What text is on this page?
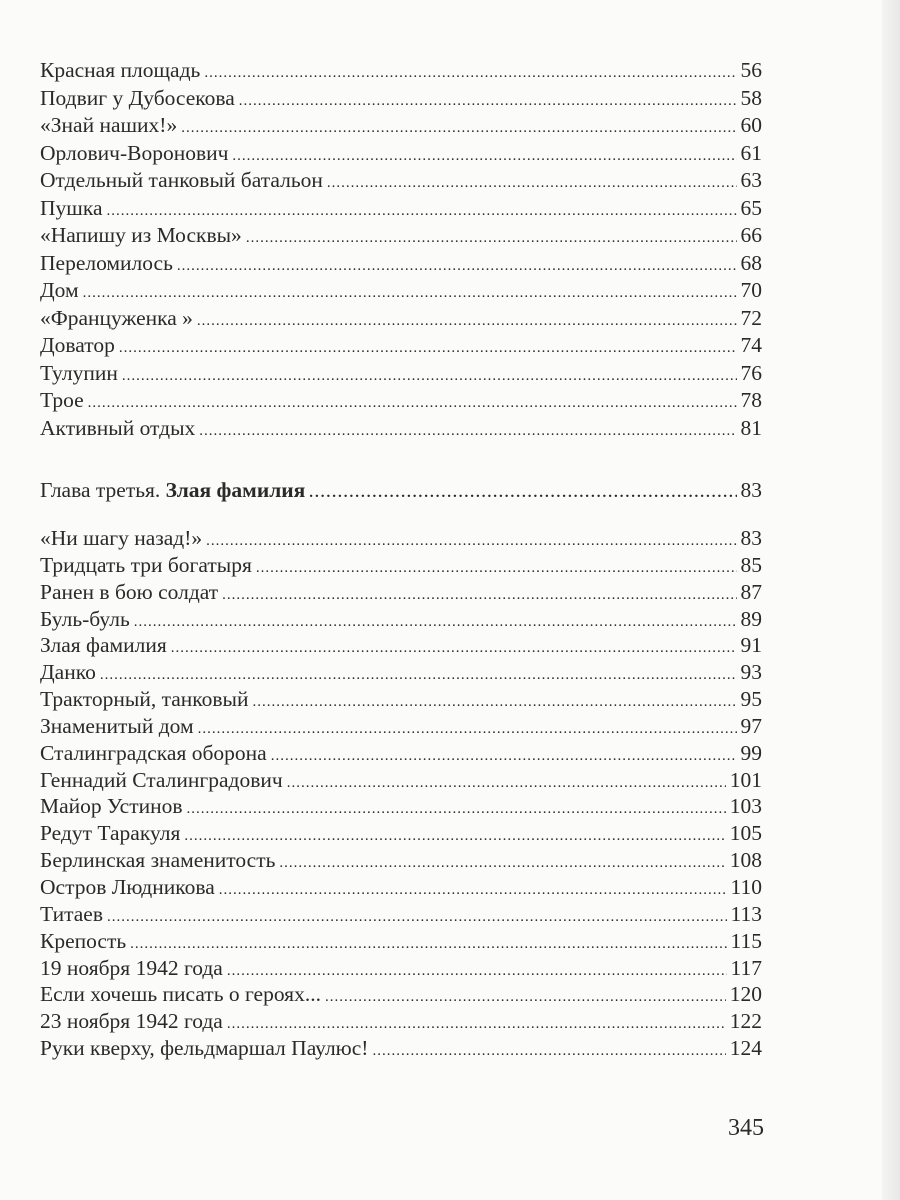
Красная площадь .....	56
Подвиг у Дубосекова .....	58
«Знай наших!» .....	60
Орлович-Воронович .....	61
Отдельный танковый батальон .....	63
Пушка .....	65
«Напишу из Москвы» .....	66
Переломилось .....	68
Дом .....	70
«Француженка » .....	72
Доватор .....	74
Тулупин .....	76
Трое .....	78
Активный отдых .....	81
Глава третья. Злая фамилия .....	83
«Ни шагу назад!» .....	83
Тридцать три богатыря .....	85
Ранен в бою солдат .....	87
Буль-буль .....	89
Злая фамилия .....	91
Данко .....	93
Тракторный, танковый .....	95
Знаменитый дом .....	97
Сталинградская оборона .....	99
Геннадий Сталинградович .....	101
Майор Устинов .....	103
Редут Таракуля .....	105
Берлинская знаменитость .....	108
Остров Людникова .....	110
Титаев .....	113
Крепость .....	115
19 ноября 1942 года .....	117
Если хочешь писать о героях... .....	120
23 ноября 1942 года .....	122
Руки кверху, фельдмаршал Паулюс! .....	124
345
